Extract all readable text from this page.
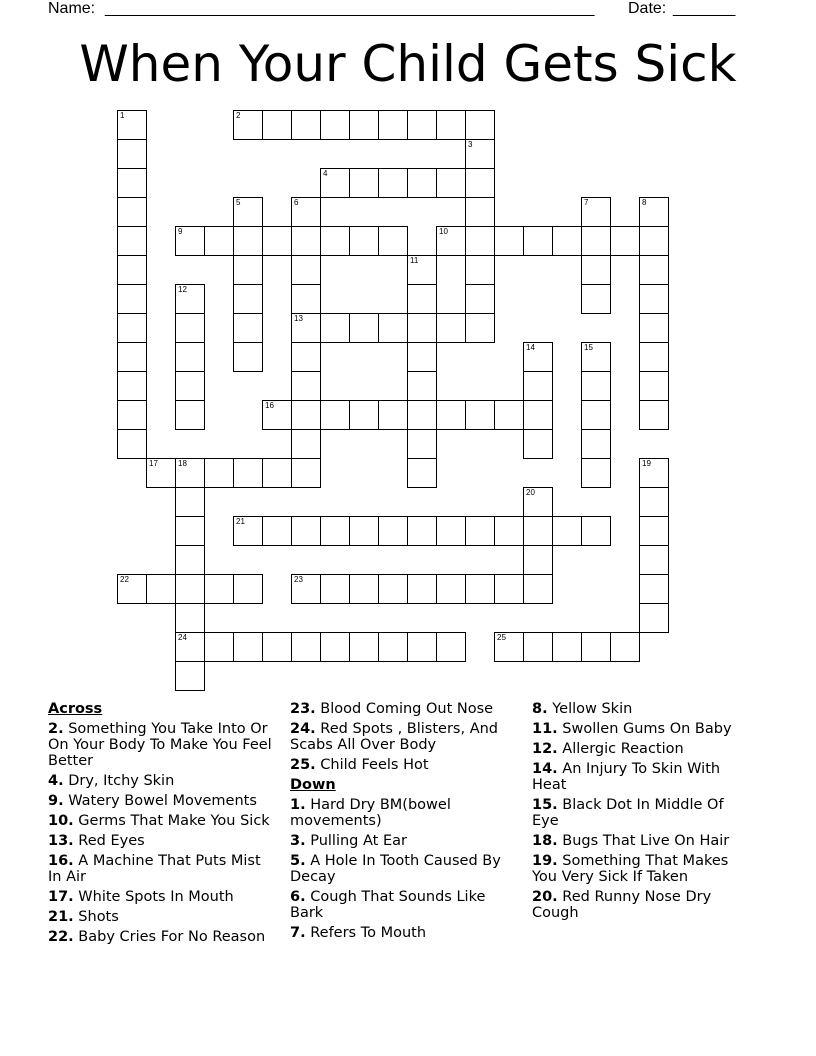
Name: _______________________________________________________ Date: _______
When Your Child Gets Sick
1	2
3
4
5	6	7	8
9	10
11
12
13
14	15
16
17	18	19
20
21
22	23
24	25
Across
2. Something You Take Into Or On Your Body To Make You Feel Better
4. Dry, Itchy Skin
9. Watery Bowel Movements
10. Germs That Make You Sick
13. Red Eyes
16. A Machine That Puts Mist In Air
17. White Spots In Mouth
21. Shots
22. Baby Cries For No Reason
23. Blood Coming Out Nose
24. Red Spots , Blisters, And Scabs All Over Body
25. Child Feels Hot
Down
1. Hard Dry BM(bowel movements)
3. Pulling At Ear
5. A Hole In Tooth Caused By Decay
6. Cough That Sounds Like Bark
7. Refers To Mouth
8. Yellow Skin
11. Swollen Gums On Baby
12. Allergic Reaction
14. An Injury To Skin With Heat
15. Black Dot In Middle Of Eye
18. Bugs That Live On Hair
19. Something That Makes You Very Sick If Taken
20. Red Runny Nose Dry Cough
